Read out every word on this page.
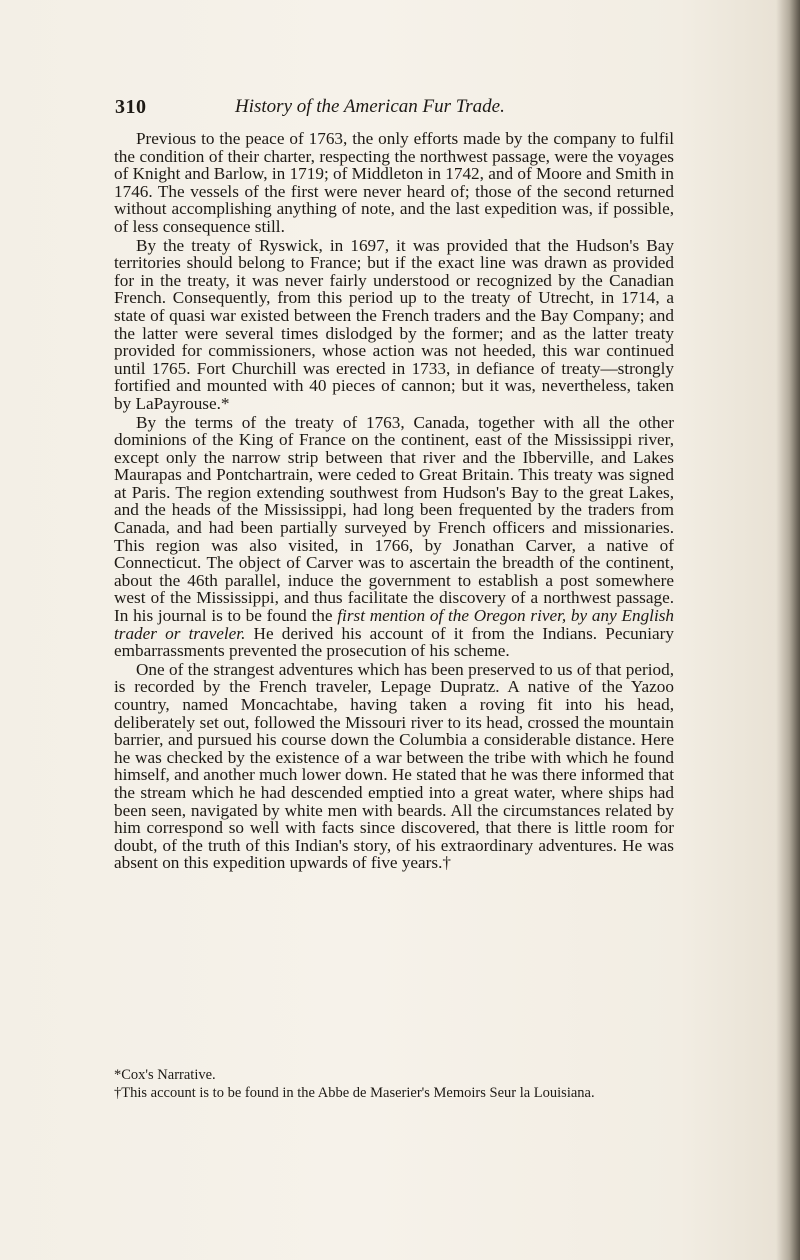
310	History of the American Fur Trade.

Previous to the peace of 1763, the only efforts made by the company to fulfil the condition of their charter, respecting the northwest passage, were the voyages of Knight and Barlow, in 1719; of Middleton in 1742, and of Moore and Smith in 1746. The vessels of the first were never heard of; those of the second returned without accomplishing anything of note, and the last expedition was, if possible, of less consequence still.

By the treaty of Ryswick, in 1697, it was provided that the Hudson's Bay territories should belong to France; but if the exact line was drawn as provided for in the treaty, it was never fairly understood or recognized by the Canadian French. Consequently, from this period up to the treaty of Utrecht, in 1714, a state of quasi war existed between the French traders and the Bay Company; and the latter were several times dislodged by the former; and as the latter treaty provided for commissioners, whose action was not heeded, this war continued until 1765. Fort Churchill was erected in 1733, in defiance of treaty—strongly fortified and mounted with 40 pieces of cannon; but it was, nevertheless, taken by LaPayrouse.*

By the terms of the treaty of 1763, Canada, together with all the other dominions of the King of France on the continent, east of the Mississippi river, except only the narrow strip between that river and the Ibberville, and Lakes Maurapas and Pontchartrain, were ceded to Great Britain. This treaty was signed at Paris. The region extending southwest from Hudson's Bay to the great Lakes, and the heads of the Mississippi, had long been frequented by the traders from Canada, and had been partially surveyed by French officers and missionaries. This region was also visited, in 1766, by Jonathan Carver, a native of Connecticut. The object of Carver was to ascertain the breadth of the continent, about the 46th parallel, induce the government to establish a post somewhere west of the Mississippi, and thus facilitate the discovery of a northwest passage. In his journal is to be found the first mention of the Oregon river, by any English trader or traveler. He derived his account of it from the Indians. Pecuniary embarrassments prevented the prosecution of his scheme.

One of the strangest adventures which has been preserved to us of that period, is recorded by the French traveler, Lepage Dupratz. A native of the Yazoo country, named Moncachtabe, having taken a roving fit into his head, deliberately set out, followed the Missouri river to its head, crossed the mountain barrier, and pursued his course down the Columbia a considerable distance. Here he was checked by the existence of a war between the tribe with which he found himself, and another much lower down. He stated that he was there informed that the stream which he had descended emptied into a great water, where ships had been seen, navigated by white men with beards. All the circumstances related by him correspond so well with facts since discovered, that there is little room for doubt, of the truth of this Indian's story, of his extraordinary adventures. He was absent on this expedition upwards of five years.†

*Cox's Narrative.
†This account is to be found in the Abbe de Maserier's Memoirs Seur la Louisiana.
